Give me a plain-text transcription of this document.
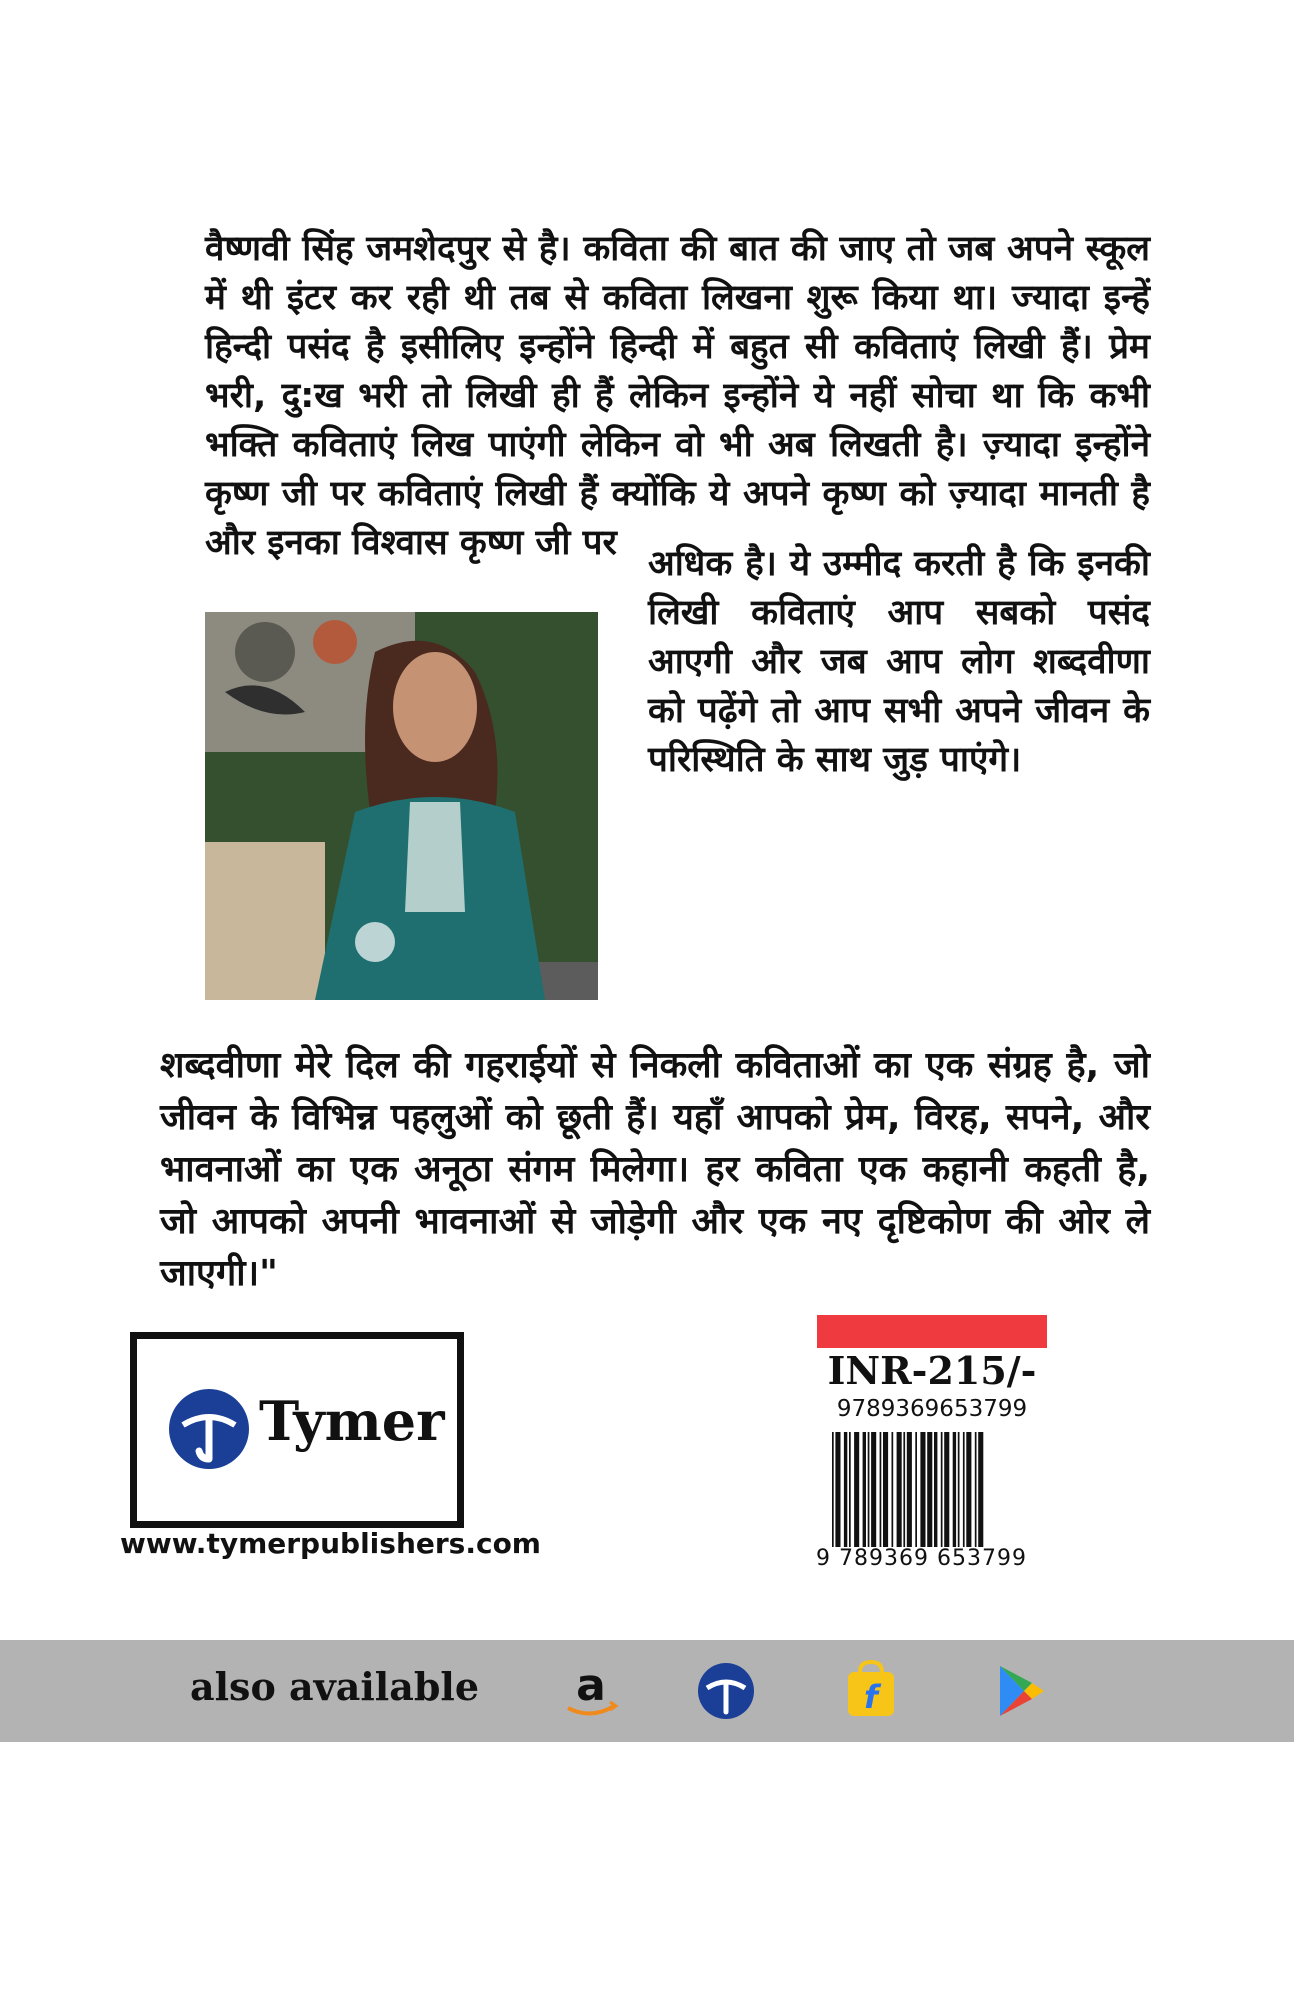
वैष्णवी सिंह जमशेदपुर से है। कविता की बात की जाए तो जब अपने स्कूल में थी इंटर कर रही थी तब से कविता लिखना शुरू किया था। ज्यादा इन्हें हिन्दी पसंद है इसीलिए इन्होंने हिन्दी में बहुत सी कविताएं लिखी हैं। प्रेम भरी, दु:ख भरी तो लिखी ही हैं लेकिन इन्होंने ये नहीं सोचा था कि कभी भक्ति कविताएं लिख पाएंगी लेकिन वो भी अब लिखती है। ज़्यादा इन्होंने कृष्ण जी पर कविताएं लिखी हैं क्योंकि ये अपने कृष्ण को ज़्यादा मानती है और इनका विश्वास कृष्ण जी पर

अधिक है। ये उम्मीद करती है कि इनकी लिखी कविताएं आप सबको पसंद आएगी और जब आप लोग शब्दवीणा को पढ़ेंगे तो आप सभी अपने जीवन के परिस्थिति के साथ जुड़ पाएंगे।

शब्दवीणा मेरे दिल की गहराईयों से निकली कविताओं का एक संग्रह है, जो जीवन के विभिन्न पहलुओं को छूती हैं। यहाँ आपको प्रेम, विरह, सपने, और भावनाओं का एक अनूठा संगम मिलेगा। हर कविता एक कहानी कहती है, जो आपको अपनी भावनाओं से जोड़ेगी और एक नए दृष्टिकोण की ओर ले जाएगी।"

Tymer
www.tymerpublishers.com
INR-215/-
9789369653799
9 789369 653799
also available a	f
